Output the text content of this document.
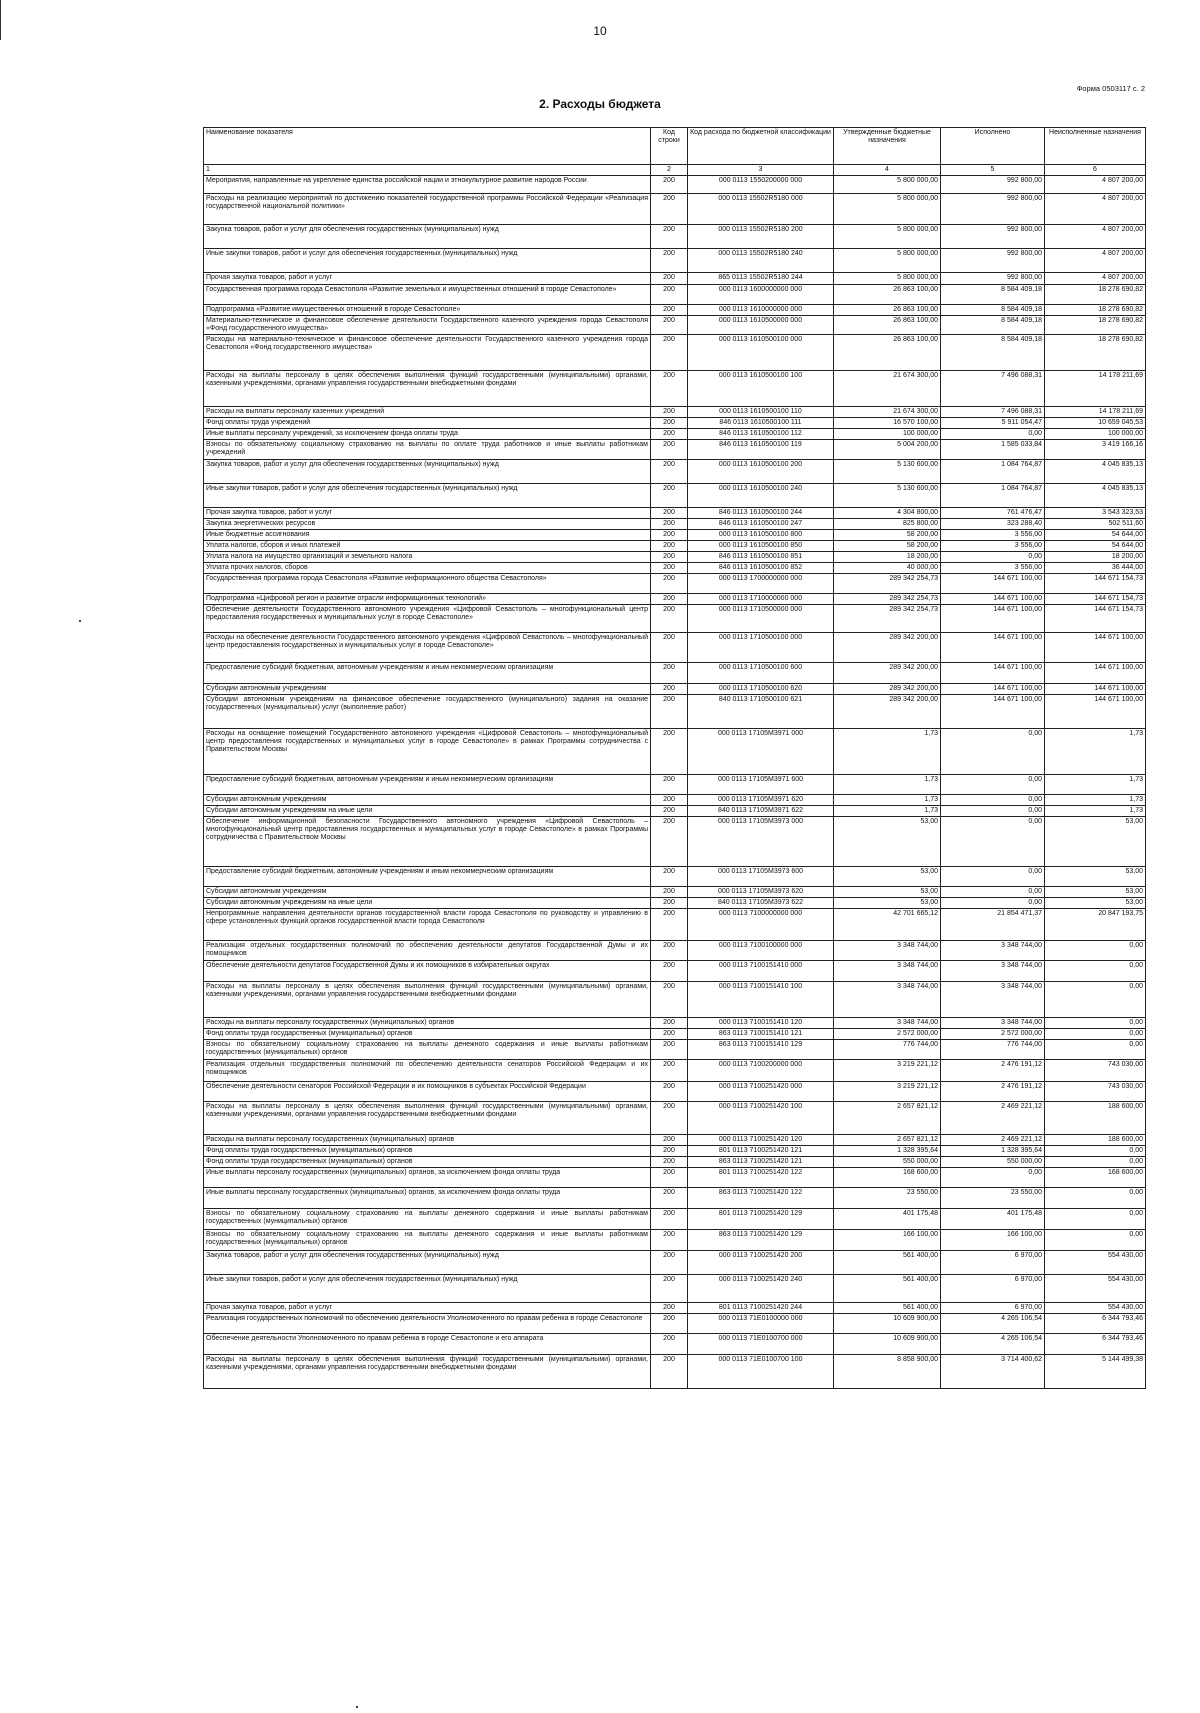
10
Форма 0503117 с. 2
2. Расходы бюджета
Наименование показателя	Код строки	Код расхода по бюджетной классификации	Утвержденные бюджетные назначения	Исполнено	Неисполненные назначения
1	2	3	4	5	6
Мероприятия, направленные на укрепление единства российской нации и этнокультурное развитие народов России	200	000 0113 1550200000 000	5 800 000,00	992 800,00	4 807 200,00
Расходы на реализацию мероприятий по достижению показателей государственной программы Российской Федерации «Реализация государственной национальной политики»	200	000 0113 15502R5180 000	5 800 000,00	992 800,00	4 807 200,00
Закупка товаров, работ и услуг для обеспечения государственных (муниципальных) нужд	200	000 0113 15502R5180 200	5 800 000,00	992 800,00	4 807 200,00
Иные закупки товаров, работ и услуг для обеспечения государственных (муниципальных) нужд	200	000 0113 15502R5180 240	5 800 000,00	992 800,00	4 807 200,00
Прочая закупка товаров, работ и услуг	200	865 0113 15502R5180 244	5 800 000,00	992 800,00	4 807 200,00
Государственная программа города Севастополя «Развитие земельных и имущественных отношений в городе Севастополе»	200	000 0113 1600000000 000	26 863 100,00	8 584 409,18	18 278 690,82
Подпрограмма «Развитие имущественных отношений в городе Севастополе»	200	000 0113 1610000000 000	26 863 100,00	8 584 409,18	18 278 690,82
Материально-техническое и финансовое обеспечение деятельности Государственного казенного учреждения города Севастополя «Фонд государственного имущества»	200	000 0113 1610500000 000	26 863 100,00	8 584 409,18	18 278 690,82
Расходы на материально-техническое и финансовое обеспечение деятельности Государственного казенного учреждения города Севастополя «Фонд государственного имущества»	200	000 0113 1610500100 000	26 863 100,00	8 584 409,18	18 278 690,82
Расходы на выплаты персоналу в целях обеспечения выполнения функций государственными (муниципальными) органами, казенными учреждениями, органами управления государственными внебюджетными фондами	200	000 0113 1610500100 100	21 674 300,00	7 496 088,31	14 178 211,69
Расходы на выплаты персоналу казенных учреждений	200	000 0113 1610500100 110	21 674 300,00	7 496 088,31	14 178 211,69
Фонд оплаты труда учреждений	200	846 0113 1610500100 111	16 570 100,00	5 911 054,47	10 659 045,53
Иные выплаты персоналу учреждений, за исключением фонда оплаты труда	200	846 0113 1610500100 112	100 000,00	0,00	100 000,00
Взносы по обязательному социальному страхованию на выплаты по оплате труда работников и иные выплаты работникам учреждений	200	846 0113 1610500100 119	5 004 200,00	1 585 033,84	3 419 166,16
Закупка товаров, работ и услуг для обеспечения государственных (муниципальных) нужд	200	000 0113 1610500100 200	5 130 600,00	1 084 764,87	4 045 835,13
Иные закупки товаров, работ и услуг для обеспечения государственных (муниципальных) нужд	200	000 0113 1610500100 240	5 130 600,00	1 084 764,87	4 045 835,13
Прочая закупка товаров, работ и услуг	200	846 0113 1610500100 244	4 304 800,00	761 476,47	3 543 323,53
Закупка энергетических ресурсов	200	846 0113 1610500100 247	825 800,00	323 288,40	502 511,60
Иные бюджетные ассигнования	200	000 0113 1610500100 800	58 200,00	3 556,00	54 644,00
Уплата налогов, сборов и иных платежей	200	000 0113 1610500100 850	58 200,00	3 556,00	54 644,00
Уплата налога на имущество организаций и земельного налога	200	846 0113 1610500100 851	18 200,00	0,00	18 200,00
Уплата прочих налогов, сборов	200	846 0113 1610500100 852	40 000,00	3 556,00	36 444,00
Государственная программа города Севастополя «Развитие информационного общества Севастополя»	200	000 0113 1700000000 000	289 342 254,73	144 671 100,00	144 671 154,73
Подпрограмма «Цифровой регион и развитие отрасли информационных технологий»	200	000 0113 1710000000 000	289 342 254,73	144 671 100,00	144 671 154,73
Обеспечение деятельности Государственного автономного учреждения «Цифровой Севастополь – многофункциональный центр предоставления государственных и муниципальных услуг в городе Севастополе»	200	000 0113 1710500000 000	289 342 254,73	144 671 100,00	144 671 154,73
Расходы на обеспечение деятельности Государственного автономного учреждения «Цифровой Севастополь – многофункциональный центр предоставления государственных и муниципальных услуг в городе Севастополе»	200	000 0113 1710500100 000	289 342 200,00	144 671 100,00	144 671 100,00
Предоставление субсидий бюджетным, автономным учреждениям и иным некоммерческим организациям	200	000 0113 1710500100 600	289 342 200,00	144 671 100,00	144 671 100,00
Субсидии автономным учреждениям	200	000 0113 1710500100 620	289 342 200,00	144 671 100,00	144 671 100,00
Субсидии автономным учреждениям на финансовое обеспечение государственного (муниципального) задания на оказание государственных (муниципальных) услуг (выполнение работ)	200	840 0113 1710500100 621	289 342 200,00	144 671 100,00	144 671 100,00
Расходы на оснащение помещений Государственного автономного учреждения «Цифровой Севастополь – многофункциональный центр предоставления государственных и муниципальных услуг в городе Севастополе» в рамках Программы сотрудничества с Правительством Москвы	200	000 0113 17105М3971 000	1,73	0,00	1,73
Предоставление субсидий бюджетным, автономным учреждениям и иным некоммерческим организациям	200	000 0113 17105М3971 600	1,73	0,00	1,73
Субсидии автономным учреждениям	200	000 0113 17105М3971 620	1,73	0,00	1,73
Субсидии автономным учреждениям на иные цели	200	840 0113 17105М3971 622	1,73	0,00	1,73
Обеспечение информационной безопасности Государственного автономного учреждения «Цифровой Севастополь – многофункциональный центр предоставления государственных и муниципальных услуг в городе Севастополе» в рамках Программы сотрудничества с Правительством Москвы	200	000 0113 17105М3973 000	53,00	0,00	53,00
Предоставление субсидий бюджетным, автономным учреждениям и иным некоммерческим организациям	200	000 0113 17105М3973 600	53,00	0,00	53,00
Субсидии автономным учреждениям	200	000 0113 17105М3973 620	53,00	0,00	53,00
Субсидии автономным учреждениям на иные цели	200	840 0113 17105М3973 622	53,00	0,00	53,00
Непрограммные направления деятельности органов государственной власти города Севастополя по руководству и управлению в сфере установленных функций органов государственной власти города Севастополя	200	000 0113 7100000000 000	42 701 665,12	21 854 471,37	20 847 193,75
Реализация отдельных государственных полномочий по обеспечению деятельности депутатов Государственной Думы и их помощников	200	000 0113 7100100000 000	3 348 744,00	3 348 744,00	0,00
Обеспечение деятельности депутатов Государственной Думы и их помощников в избирательных округах	200	000 0113 7100151410 000	3 348 744,00	3 348 744,00	0,00
Расходы на выплаты персоналу в целях обеспечения выполнения функций государственными (муниципальными) органами, казенными учреждениями, органами управления государственными внебюджетными фондами	200	000 0113 7100151410 100	3 348 744,00	3 348 744,00	0,00
Расходы на выплаты персоналу государственных (муниципальных) органов	200	000 0113 7100151410 120	3 348 744,00	3 348 744,00	0,00
Фонд оплаты труда государственных (муниципальных) органов	200	863 0113 7100151410 121	2 572 000,00	2 572 000,00	0,00
Взносы по обязательному социальному страхованию на выплаты денежного содержания и иные выплаты работникам государственных (муниципальных) органов	200	863 0113 7100151410 129	776 744,00	776 744,00	0,00
Реализация отдельных государственных полномочий по обеспечению деятельности сенаторов Российской Федерации и их помощников	200	000 0113 7100200000 000	3 219 221,12	2 476 191,12	743 030,00
Обеспечение деятельности сенаторов Российской Федерации и их помощников в субъектах Российской Федерации	200	000 0113 7100251420 000	3 219 221,12	2 476 191,12	743 030,00
Расходы на выплаты персоналу в целях обеспечения выполнения функций государственными (муниципальными) органами, казенными учреждениями, органами управления государственными внебюджетными фондами	200	000 0113 7100251420 100	2 657 821,12	2 469 221,12	188 600,00
Расходы на выплаты персоналу государственных (муниципальных) органов	200	000 0113 7100251420 120	2 657 821,12	2 469 221,12	188 600,00
Фонд оплаты труда государственных (муниципальных) органов	200	801 0113 7100251420 121	1 328 395,64	1 328 395,64	0,00
Фонд оплаты труда государственных (муниципальных) органов	200	863 0113 7100251420 121	550 000,00	550 000,00	0,00
Иные выплаты персоналу государственных (муниципальных) органов, за исключением фонда оплаты труда	200	801 0113 7100251420 122	168 600,00	0,00	168 600,00
Иные выплаты персоналу государственных (муниципальных) органов, за исключением фонда оплаты труда	200	863 0113 7100251420 122	23 550,00	23 550,00	0,00
Взносы по обязательному социальному страхованию на выплаты денежного содержания и иные выплаты работникам государственных (муниципальных) органов	200	801 0113 7100251420 129	401 175,48	401 175,48	0,00
Взносы по обязательному социальному страхованию на выплаты денежного содержания и иные выплаты работникам государственных (муниципальных) органов	200	863 0113 7100251420 129	166 100,00	166 100,00	0,00
Закупка товаров, работ и услуг для обеспечения государственных (муниципальных) нужд	200	000 0113 7100251420 200	561 400,00	6 970,00	554 430,00
Иные закупки товаров, работ и услуг для обеспечения государственных (муниципальных) нужд	200	000 0113 7100251420 240	561 400,00	6 970,00	554 430,00
Прочая закупка товаров, работ и услуг	200	801 0113 7100251420 244	561 400,00	6 970,00	554 430,00
Реализация государственных полномочий по обеспечению деятельности Уполномоченного по правам ребенка в городе Севастополе	200	000 0113 71Е0100000 000	10 609 900,00	4 265 106,54	6 344 793,46
Обеспечение деятельности Уполномоченного по правам ребенка в городе Севастополе и его аппарата	200	000 0113 71Е0100700 000	10 609 900,00	4 265 106,54	6 344 793,46
Расходы на выплаты персоналу в целях обеспечения выполнения функций государственными (муниципальными) органами, казенными учреждениями, органами управления государственными внебюджетными фондами	200	000 0113 71Е0100700 100	8 858 900,00	3 714 400,62	5 144 499,38
